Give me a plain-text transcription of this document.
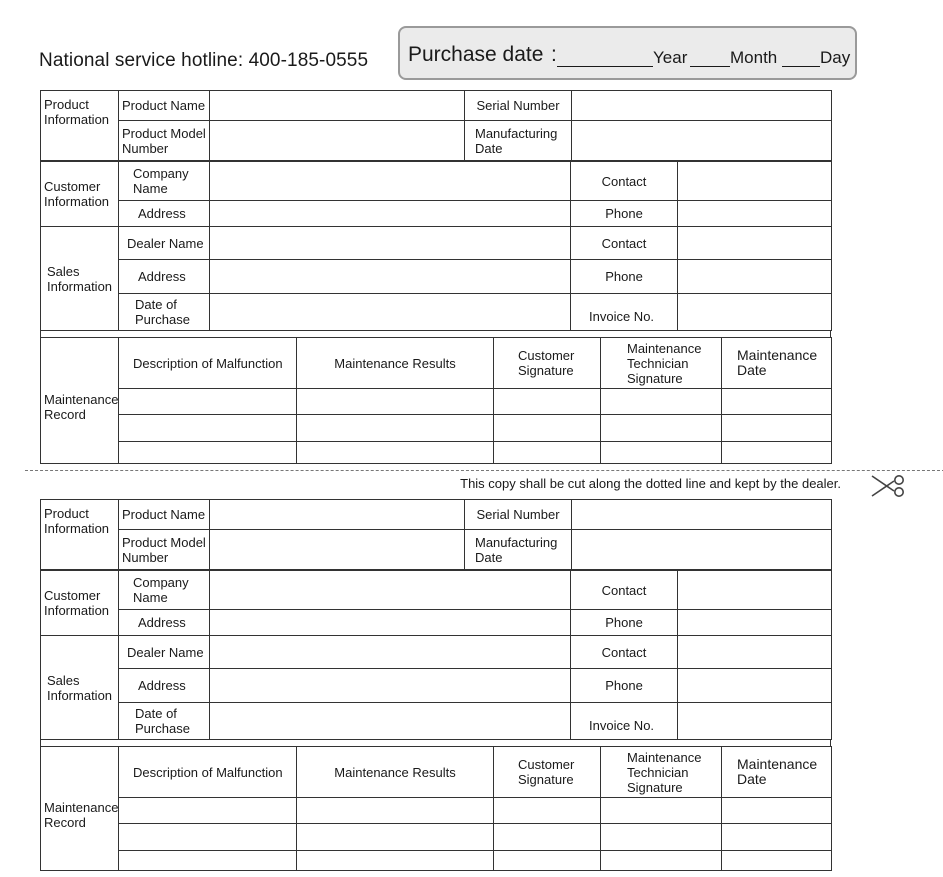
National service hotline: 400-185-0555 Purchase date :	Year	Month	Day
Product Information	Product Name		Serial Number	
	Product Model Number		Manufacturing Date	
Customer Information	Company Name		Contact	
	Address		Phone	
Sales Information	Dealer Name		Contact	
	Address		Phone	
	Date of Purchase		Invoice No.	
Maintenance Record	Description of Malfunction	Maintenance Results	Customer Signature	Maintenance Technician Signature	Maintenance Date

This copy shall be cut along the dotted line and kept by the dealer.
Product Information	Product Name		Serial Number	
	Product Model Number		Manufacturing Date	
Customer Information	Company Name		Contact	
	Address		Phone	
Sales Information	Dealer Name		Contact	
	Address		Phone	
	Date of Purchase		Invoice No.	
Maintenance Record	Description of Malfunction	Maintenance Results	Customer Signature	Maintenance Technician Signature	Maintenance Date
